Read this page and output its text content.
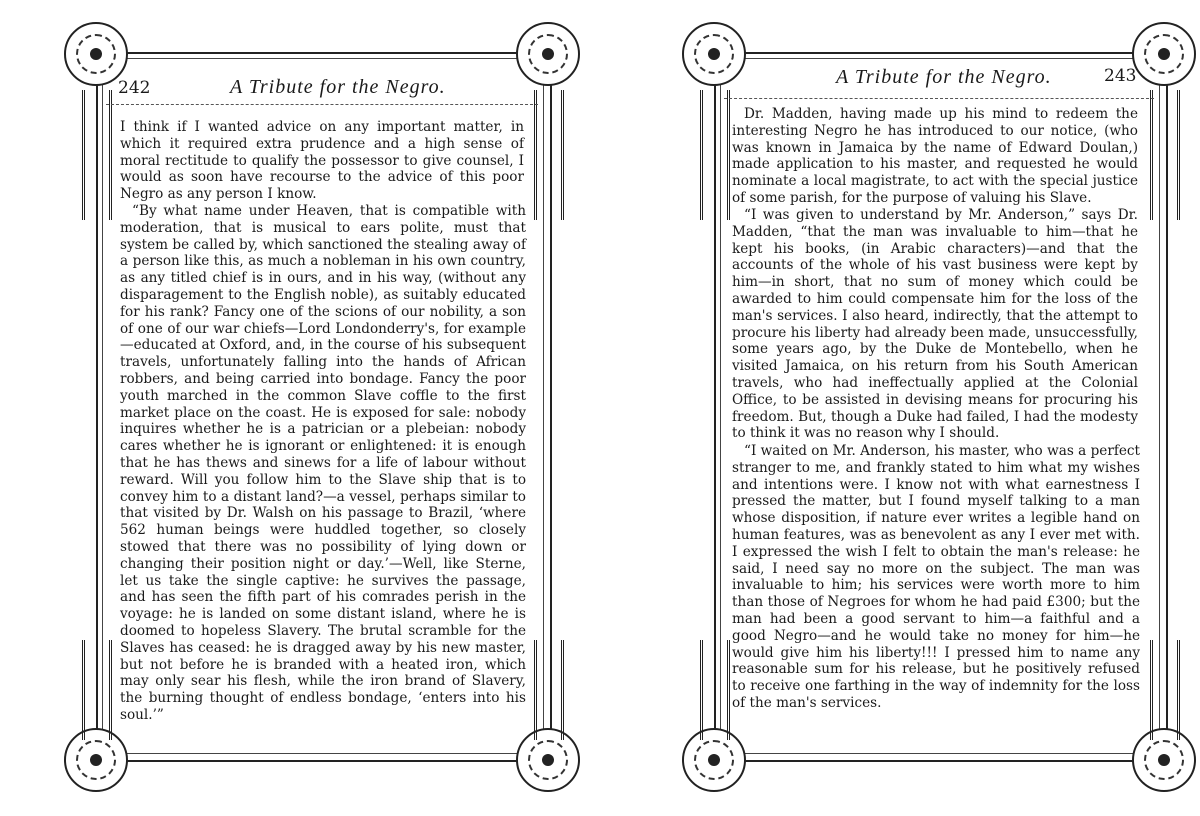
242	A Tribute for the Negro.

I think if I wanted advice on any important matter, in which it required extra prudence and a high sense of moral rectitude to qualify the possessor to give counsel, I would as soon have recourse to the advice of this poor Negro as any person I know.

“By what name under Heaven, that is compatible with moderation, that is musical to ears polite, must that system be called by, which sanctioned the stealing away of a person like this, as much a nobleman in his own country, as any titled chief is in ours, and in his way, (without any disparagement to the English noble), as suitably educated for his rank? Fancy one of the scions of our nobility, a son of one of our war chiefs—Lord Londonderry's, for example—educated at Oxford, and, in the course of his subsequent travels, unfortunately falling into the hands of African robbers, and being carried into bondage. Fancy the poor youth marched in the common Slave coffle to the first market place on the coast. He is exposed for sale: nobody inquires whether he is a patrician or a plebeian: nobody cares whether he is ignorant or enlightened: it is enough that he has thews and sinews for a life of labour without reward. Will you follow him to the Slave ship that is to convey him to a distant land?—a vessel, perhaps similar to that visited by Dr. Walsh on his passage to Brazil, ‘where 562 human beings were huddled together, so closely stowed that there was no possibility of lying down or changing their position night or day.’—Well, like Sterne, let us take the single captive: he survives the passage, and has seen the fifth part of his comrades perish in the voyage: he is landed on some distant island, where he is doomed to hopeless Slavery. The brutal scramble for the Slaves has ceased: he is dragged away by his new master, but not before he is branded with a heated iron, which may only sear his flesh, while the iron brand of Slavery, the burning thought of endless bondage, ‘enters into his soul.’”

A Tribute for the Negro.	243

Dr. Madden, having made up his mind to redeem the interesting Negro he has introduced to our notice, (who was known in Jamaica by the name of Edward Doulan,) made application to his master, and requested he would nominate a local magistrate, to act with the special justice of some parish, for the purpose of valuing his Slave.

“I was given to understand by Mr. Anderson,” says Dr. Madden, “that the man was invaluable to him—that he kept his books, (in Arabic characters)—and that the accounts of the whole of his vast business were kept by him—in short, that no sum of money which could be awarded to him could compensate him for the loss of the man's services. I also heard, indirectly, that the attempt to procure his liberty had already been made, unsuccessfully, some years ago, by the Duke de Montebello, when he visited Jamaica, on his return from his South American travels, who had ineffectually applied at the Colonial Office, to be assisted in devising means for procuring his freedom. But, though a Duke had failed, I had the modesty to think it was no reason why I should.

“I waited on Mr. Anderson, his master, who was a perfect stranger to me, and frankly stated to him what my wishes and intentions were. I know not with what earnestness I pressed the matter, but I found myself talking to a man whose disposition, if nature ever writes a legible hand on human features, was as benevolent as any I ever met with. I expressed the wish I felt to obtain the man's release: he said, I need say no more on the subject. The man was invaluable to him; his services were worth more to him than those of Negroes for whom he had paid £300; but the man had been a good servant to him—a faithful and a good Negro—and he would take no money for him—he would give him his liberty!!! I pressed him to name any reasonable sum for his release, but he positively refused to receive one farthing in the way of indemnity for the loss of the man's services.
